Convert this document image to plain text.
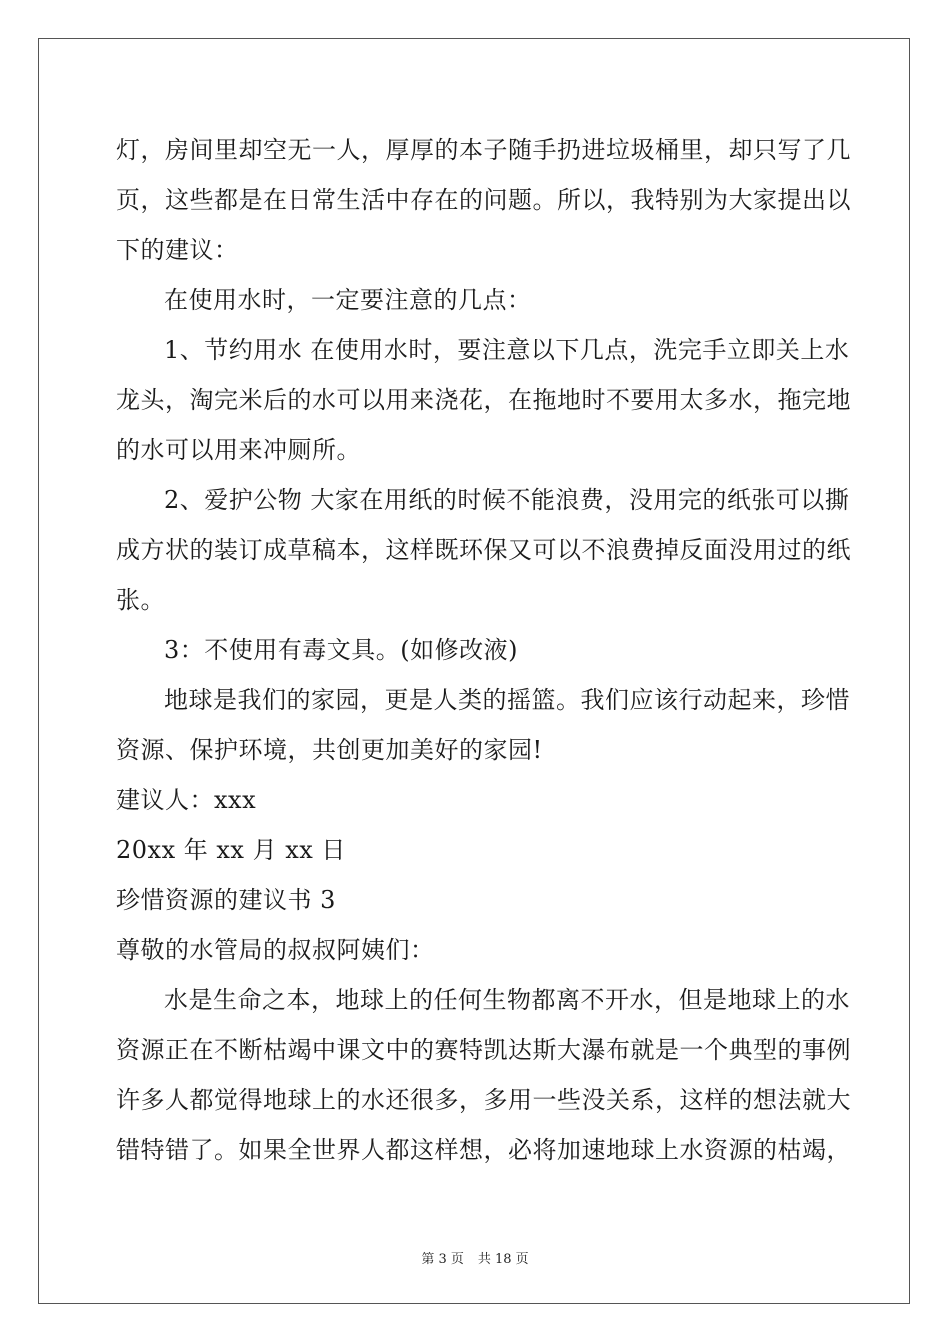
灯，房间里却空无一人，厚厚的本子随手扔进垃圾桶里，却只写了几
页，这些都是在日常生活中存在的问题。所以，我特别为大家提出以
下的建议：
在使用水时，一定要注意的几点：
1、节约用水 在使用水时，要注意以下几点，洗完手立即关上水
龙头，淘完米后的水可以用来浇花，在拖地时不要用太多水，拖完地
的水可以用来冲厕所。
2、爱护公物 大家在用纸的时候不能浪费，没用完的纸张可以撕
成方状的装订成草稿本，这样既环保又可以不浪费掉反面没用过的纸
张。
3：不使用有毒文具。(如修改液)
地球是我们的家园，更是人类的摇篮。我们应该行动起来，珍惜
资源、保护环境，共创更加美好的家园!
建议人：xxx
20xx 年 xx 月 xx 日
珍惜资源的建议书 3
尊敬的水管局的叔叔阿姨们：
水是生命之本，地球上的任何生物都离不开水，但是地球上的水
资源正在不断枯竭中课文中的赛特凯达斯大瀑布就是一个典型的事例
许多人都觉得地球上的水还很多，多用一些没关系，这样的想法就大
错特错了。如果全世界人都这样想，必将加速地球上水资源的枯竭，
第 3 页 共 18 页
